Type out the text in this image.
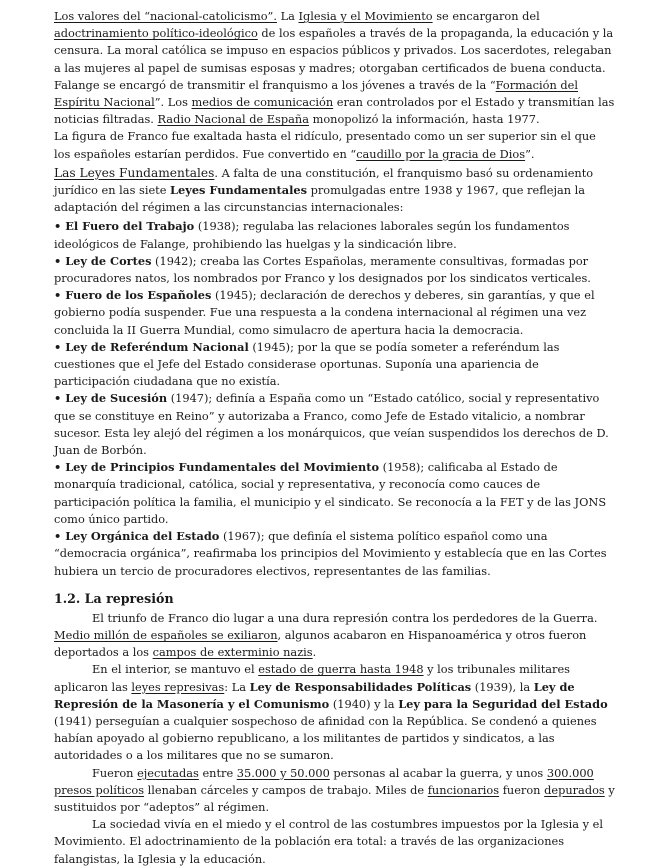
Los valores del “nacional-catolicismo”. La Iglesia y el Movimiento se encargaron del adoctrinamiento político-ideológico de los españoles a través de la propaganda, la educación y la censura. La moral católica se impuso en espacios públicos y privados. Los sacerdotes, relegaban a las mujeres al papel de sumisas esposas y madres; otorgaban certificados de buena conducta.

Falange se encargó de transmitir el franquismo a los jóvenes a través de la “Formación del Espíritu Nacional”. Los medios de comunicación eran controlados por el Estado y transmitían las noticias filtradas. Radio Nacional de España monopolizó la información, hasta 1977.

La figura de Franco fue exaltada hasta el ridículo, presentado como un ser superior sin el que los españoles estarían perdidos. Fue convertido en “caudillo por la gracia de Dios”.

Las Leyes Fundamentales. A falta de una constitución, el franquismo basó su ordenamiento jurídico en las siete Leyes Fundamentales promulgadas entre 1938 y 1967, que reflejan la adaptación del régimen a las circunstancias internacionales:

• El Fuero del Trabajo (1938); regulaba las relaciones laborales según los fundamentos ideológicos de Falange, prohibiendo las huelgas y la sindicación libre.

• Ley de Cortes (1942); creaba las Cortes Españolas, meramente consultivas, formadas por procuradores natos, los nombrados por Franco y los designados por los sindicatos verticales.

• Fuero de los Españoles (1945); declaración de derechos y deberes, sin garantías, y que el gobierno podía suspender. Fue una respuesta a la condena internacional al régimen una vez concluida la II Guerra Mundial, como simulacro de apertura hacia la democracia.

• Ley de Referéndum Nacional (1945); por la que se podía someter a referéndum las cuestiones que el Jefe del Estado considerase oportunas. Suponía una apariencia de participación ciudadana que no existía.

• Ley de Sucesión (1947); definía a España como un “Estado católico, social y representativo que se constituye en Reino” y autorizaba a Franco, como Jefe de Estado vitalicio, a nombrar sucesor. Esta ley alejó del régimen a los monárquicos, que veían suspendidos los derechos de D. Juan de Borbón.

• Ley de Principios Fundamentales del Movimiento (1958); calificaba al Estado de monarquía tradicional, católica, social y representativa, y reconocía como cauces de participación política la familia, el municipio y el sindicato. Se reconocía a la FET y de las JONS como único partido.

• Ley Orgánica del Estado (1967); que definía el sistema político español como una “democracia orgánica”, reafirmaba los principios del Movimiento y establecía que en las Cortes hubiera un tercio de procuradores electivos, representantes de las familias.

1.2. La represión

El triunfo de Franco dio lugar a una dura represión contra los perdedores de la Guerra. Medio millón de españoles se exiliaron, algunos acabaron en Hispanoamérica y otros fueron deportados a los campos de exterminio nazis.

En el interior, se mantuvo el estado de guerra hasta 1948 y los tribunales militares aplicaron las leyes represivas: La Ley de Responsabilidades Políticas (1939), la Ley de Represión de la Masonería y el Comunismo (1940) y la Ley para la Seguridad del Estado (1941) perseguían a cualquier sospechoso de afinidad con la República. Se condenó a quienes habían apoyado al gobierno republicano, a los militantes de partidos y sindicatos, a las autoridades o a los militares que no se sumaron.

Fueron ejecutadas entre 35.000 y 50.000 personas al acabar la guerra, y unos 300.000 presos políticos llenaban cárceles y campos de trabajo. Miles de funcionarios fueron depurados y sustituidos por “adeptos” al régimen.

La sociedad vivía en el miedo y el control de las costumbres impuestos por la Iglesia y el Movimiento. El adoctrinamiento de la población era total: a través de las organizaciones falangistas, la Iglesia y la educación.
